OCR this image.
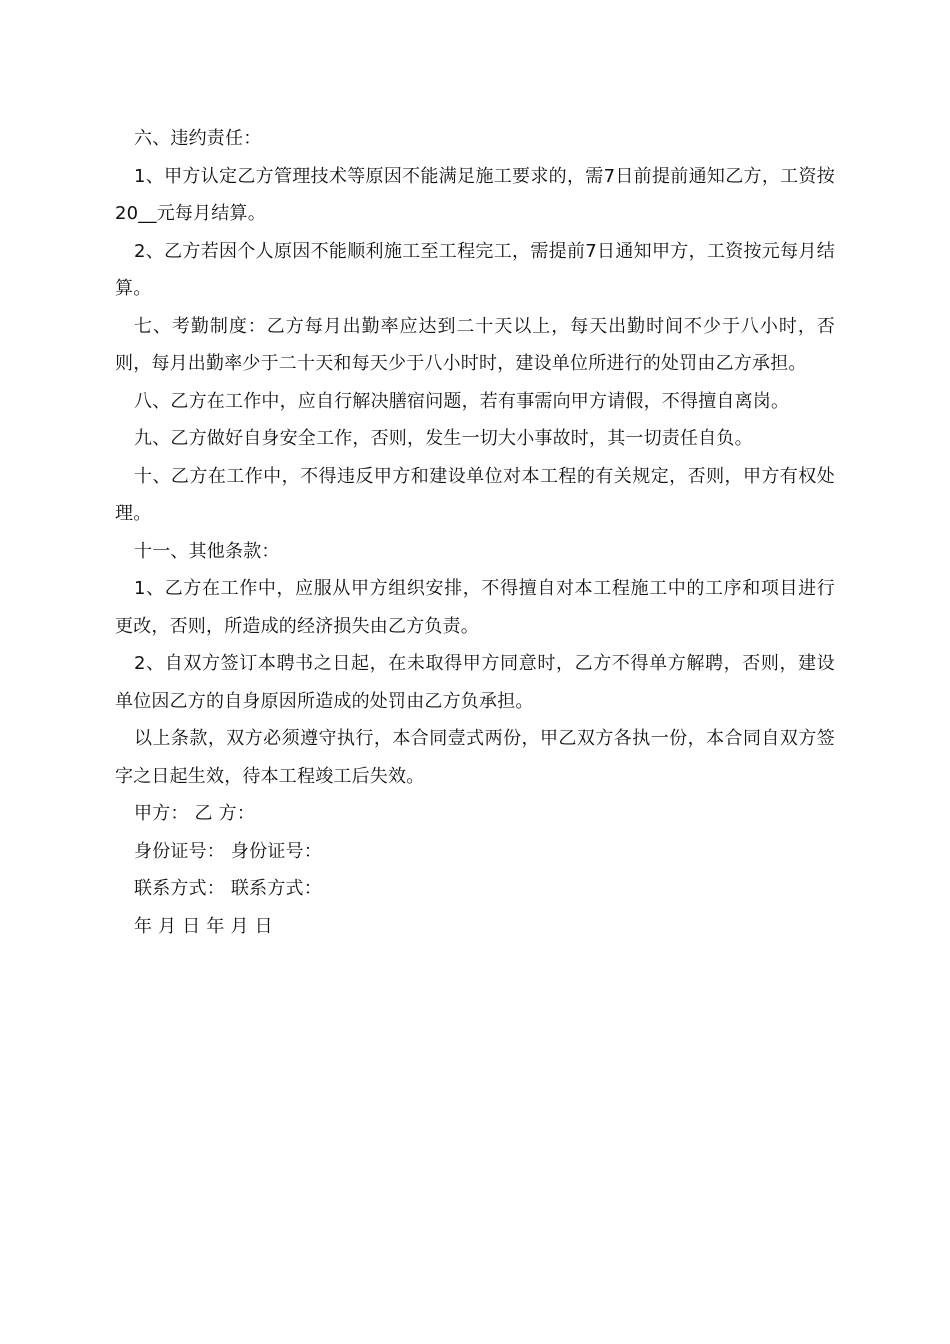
六、违约责任：

1、甲方认定乙方管理技术等原因不能满足施工要求的，需7日前提前通知乙方，工资按20__元每月结算。

2、乙方若因个人原因不能顺利施工至工程完工，需提前7日通知甲方，工资按元每月结算。

七、考勤制度：乙方每月出勤率应达到二十天以上，每天出勤时间不少于八小时，否则，每月出勤率少于二十天和每天少于八小时时，建设单位所进行的处罚由乙方承担。

八、乙方在工作中，应自行解决膳宿问题，若有事需向甲方请假，不得擅自离岗。

九、乙方做好自身安全工作，否则，发生一切大小事故时，其一切责任自负。

十、乙方在工作中，不得违反甲方和建设单位对本工程的有关规定，否则，甲方有权处理。

十一、其他条款：

1、乙方在工作中，应服从甲方组织安排，不得擅自对本工程施工中的工序和项目进行更改，否则，所造成的经济损失由乙方负责。

2、自双方签订本聘书之日起，在未取得甲方同意时，乙方不得单方解聘，否则，建设单位因乙方的自身原因所造成的处罚由乙方负承担。

以上条款，双方必须遵守执行，本合同壹式两份，甲乙双方各执一份，本合同自双方签字之日起生效，待本工程竣工后失效。

甲方： 乙 方：

身份证号： 身份证号：

联系方式： 联系方式：

年 月 日 年 月 日
